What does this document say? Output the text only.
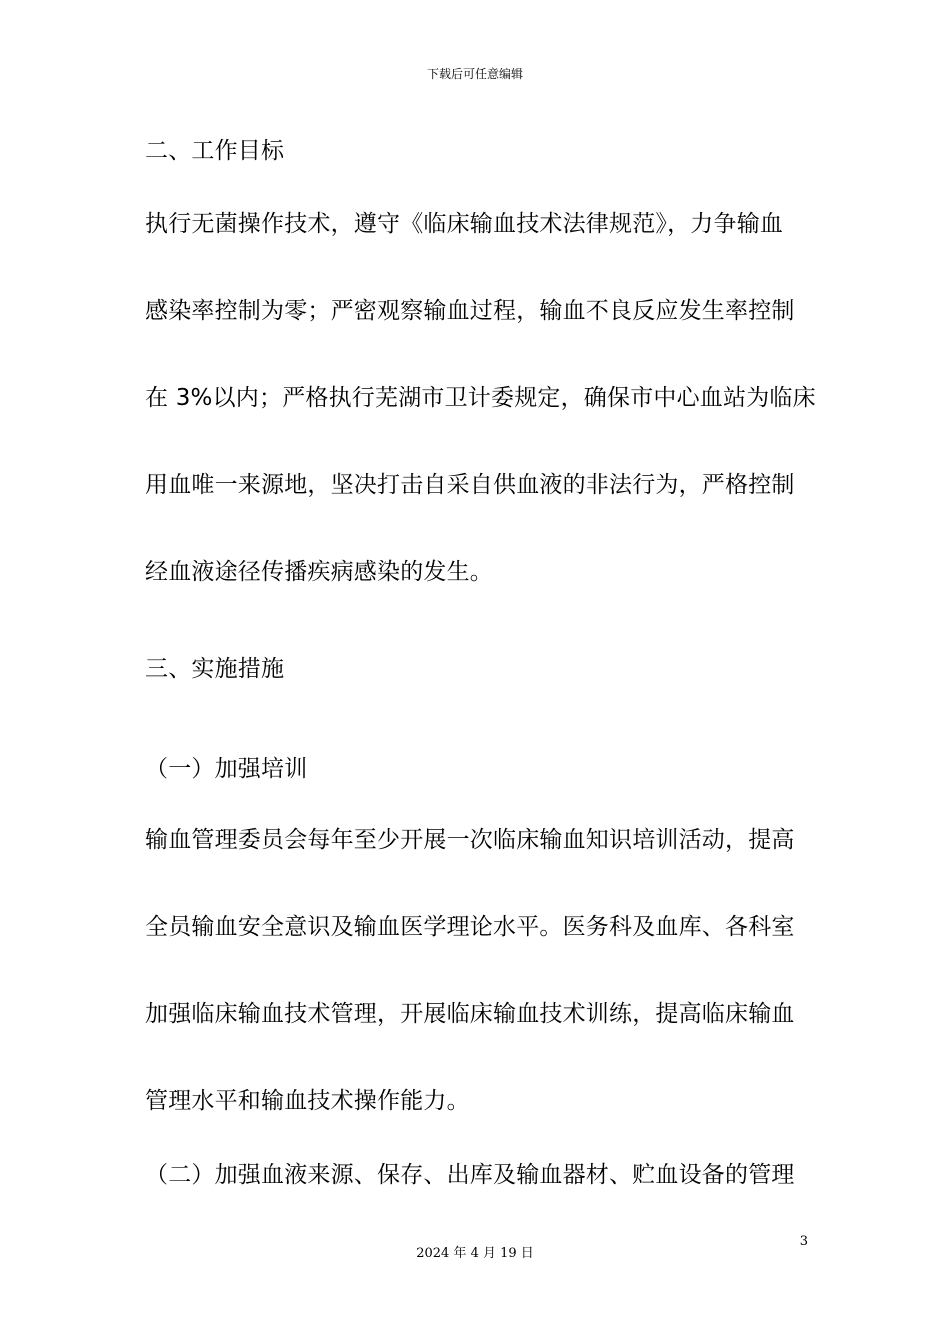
下载后可任意编辑
二、工作目标
执行无菌操作技术，遵守《临床输血技术法律规范》，力争输血
感染率控制为零；严密观察输血过程，输血不良反应发生率控制
在 3%以内；严格执行芜湖市卫计委规定，确保市中心血站为临床
用血唯一来源地，坚决打击自采自供血液的非法行为，严格控制
经血液途径传播疾病感染的发生。
三、实施措施
（一）加强培训
输血管理委员会每年至少开展一次临床输血知识培训活动，提高
全员输血安全意识及输血医学理论水平。医务科及血库、各科室
加强临床输血技术管理，开展临床输血技术训练，提高临床输血
管理水平和输血技术操作能力。
（二）加强血液来源、保存、出库及输血器材、贮血设备的管理
3
2024 年 4 月 19 日
